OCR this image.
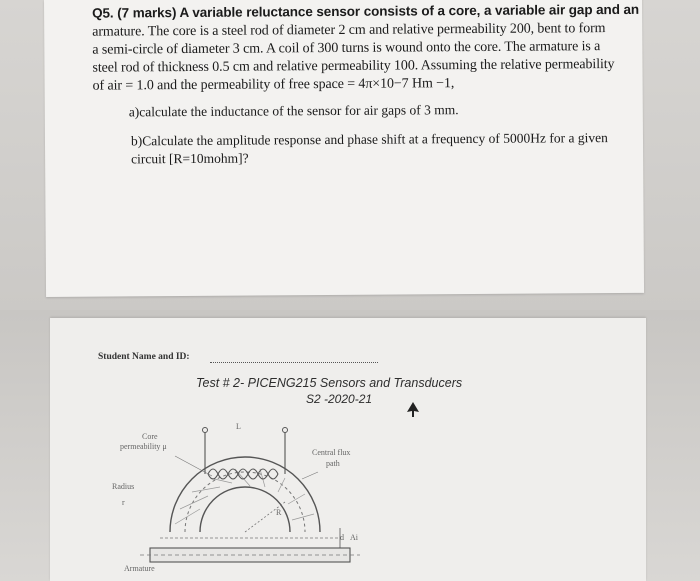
Q5. (7 marks) A variable reluctance sensor consists of a core, a variable air gap and an
armature. The core is a steel rod of diameter 2 cm and relative permeability 200, bent to form
a semi-circle of diameter 3 cm. A coil of 300 turns is wound onto the core. The armature is a
steel rod of thickness 0.5 cm and relative permeability 100. Assuming the relative permeability
of air = 1.0 and the permeability of free space = 4π×10−7 Hm −1,
a)calculate the inductance of the sensor for air gaps of 3 mm.
b)Calculate the amplitude response and phase shift at a frequency of 5000Hz for a given
circuit [R=10mohm]?
Student Name and ID:
Test # 2- PICENG215 Sensors and Transducers
S2 -2020-21
Core
permeability μ
L
Central flux
path
Radius
r
R
d Ai
Armature
